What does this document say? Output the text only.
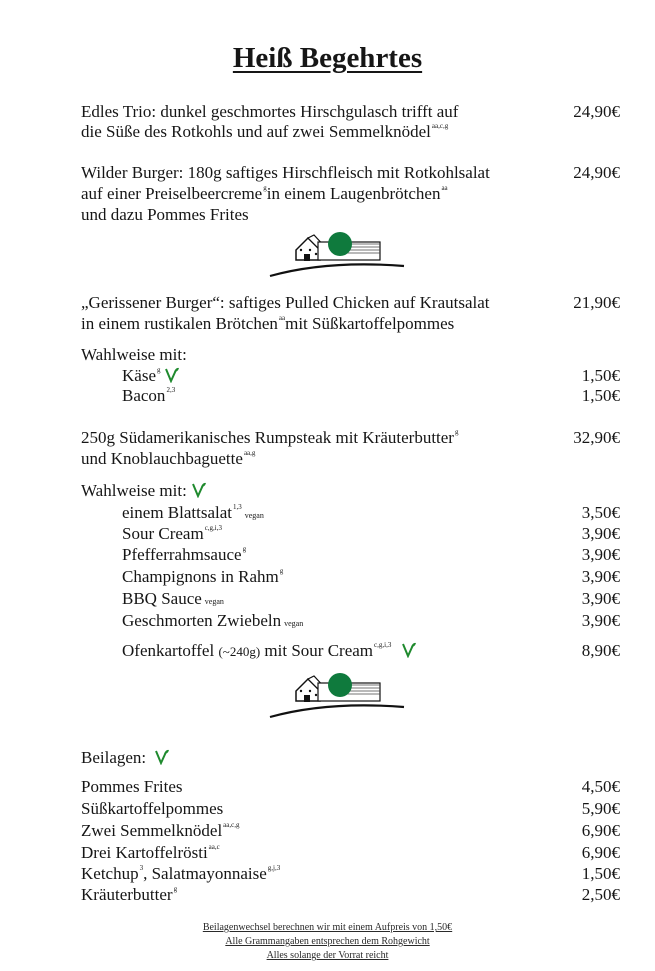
Heiß Begehrtes
Edles Trio: dunkel geschmortes Hirschgulasch trifft auf
die Süße des Rotkohls und auf zwei Semmelknödel$^{aa,c,g}$
24,90€
Wilder Burger: 180g saftiges Hirschfleisch mit Rotkohlsalat
auf einer Preiselbeercreme$^g$in einem Laugenbrötchen$^{aa}$
und dazu Pommes Frites
24,90€
„Gerissener Burger“: saftiges Pulled Chicken auf Krautsalat
in einem rustikalen Brötchen$^{aa}$mit Süßkartoffelpommes
21,90€
Wahlweise mit:
Käse$^g$	1,50€
Bacon$^{2,3}$	1,50€
250g Südamerikanisches Rumpsteak mit Kräuterbutter$^g$
und Knoblauchbaguette$^{aa,g}$
32,90€
Wahlweise mit:
einem Blattsalat$^{1,3}$vegan	3,50€
Sour Cream$^{c,g,i,3}$	3,90€
Pfefferrahmsauce$^g$	3,90€
Champignons in Rahm$^g$	3,90€
BBQ Sauce vegan	3,90€
Geschmorten Zwiebeln vegan	3,90€
Ofenkartoffel (~240g) mit Sour Cream$^{c,g,i,3}$	8,90€
Beilagen:
Pommes Frites	4,50€
Süßkartoffelpommes	5,90€
Zwei Semmelknödel$^{aa,c,g}$	6,90€
Drei Kartoffelrösti$^{aa,c}$	6,90€
Ketchup$^3$, Salatmayonnaise$^{g,j,3}$	1,50€
Kräuterbutter$^g$	2,50€
Beilagenwechsel berechnen wir mit einem Aufpreis von 1,50€
Alle Grammangaben entsprechen dem Rohgewicht
Alles solange der Vorrat reicht
